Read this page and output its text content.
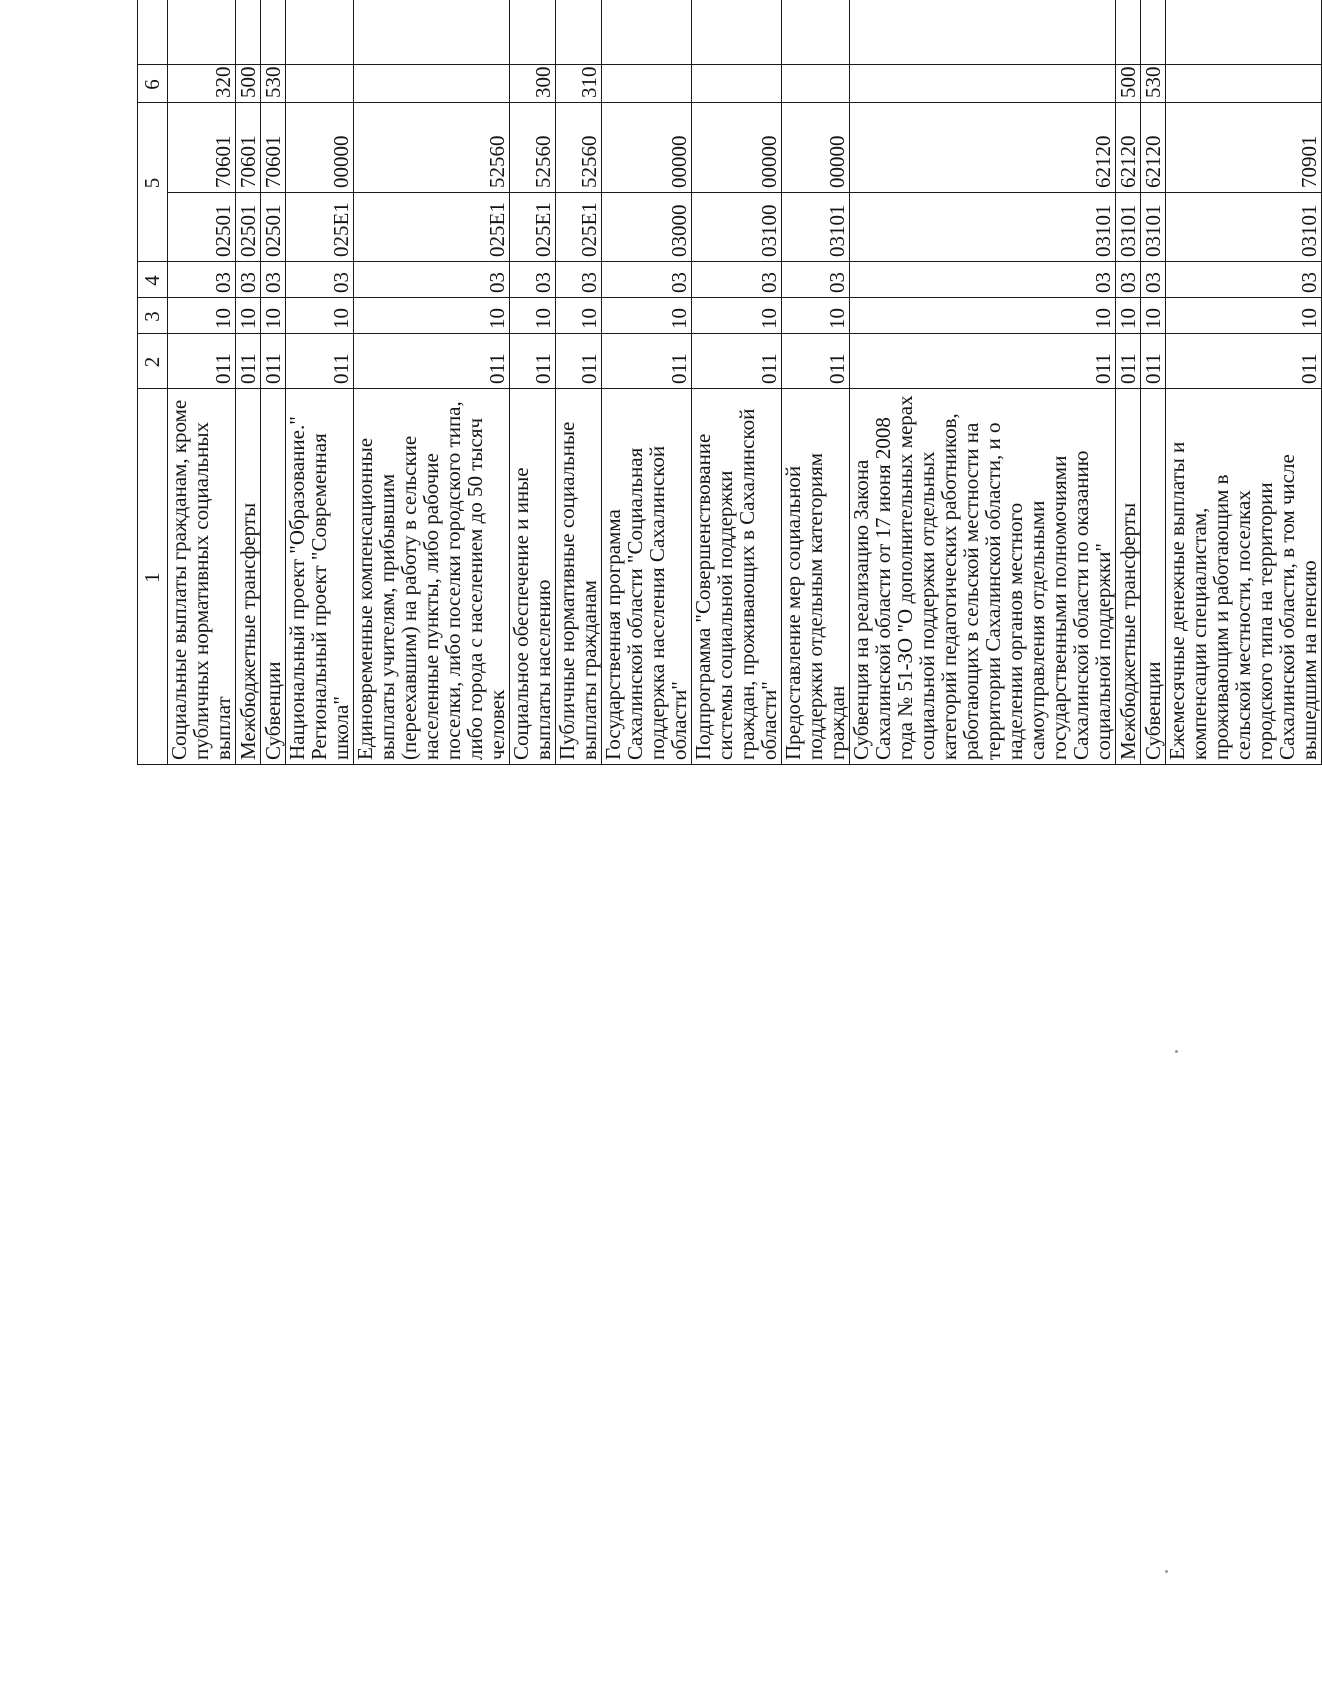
1	2	3	4	5		6			
Социальные выплаты гражданам, кроме публичных нормативных социальных выплат	011	10	03	02501	70601	320			
Межбюджетные трансферты	011	10	03	02501	70601	500			
Субвенции	011	10	03	02501	70601	530			
Национальный проект "Образование." Региональный проект "Современная школа"	011	10	03	025E1	00000				
Единовременные компенсационные выплаты учителям, прибывшим (переехавшим) на работу в сельские населенные пункты, либо рабочие поселки, либо поселки городского типа, либо города с населением до 50 тысяч человек	011	10	03	025E1	52560				
Социальное обеспечение и иные выплаты населению	011	10	03	025E1	52560	300			
Публичные нормативные социальные выплаты гражданам	011	10	03	025E1	52560	310			
Государственная программа Сахалинской области "Социальная поддержка населения Сахалинской области"	011	10	03	03000	00000				
Подпрограмма "Совершенствование системы социальной поддержки граждан, проживающих в Сахалинской области"	011	10	03	03100	00000				
Предоставление мер социальной поддержки отдельным категориям граждан	011	10	03	03101	00000				
Субвенция на реализацию Закона Сахалинской области от 17 июня 2008 года № 51-ЗО "О дополнительных мерах социальной поддержки отдельных категорий педагогических работников, работающих в сельской местности на территории Сахалинской области, и о наделении органов местного самоуправления отдельными государственными полномочиями Сахалинской области по оказанию социальной поддержки"	011	10	03	03101	62120				
Межбюджетные трансферты	011	10	03	03101	62120	500			
Субвенции	011	10	03	03101	62120	530			
Ежемесячные денежные выплаты и компенсации специалистам, проживающим и работающим в сельской местности, поселках городского типа на территории Сахалинской области, в том числе вышедшим на пенсию	011	10	03	03101	70901				
